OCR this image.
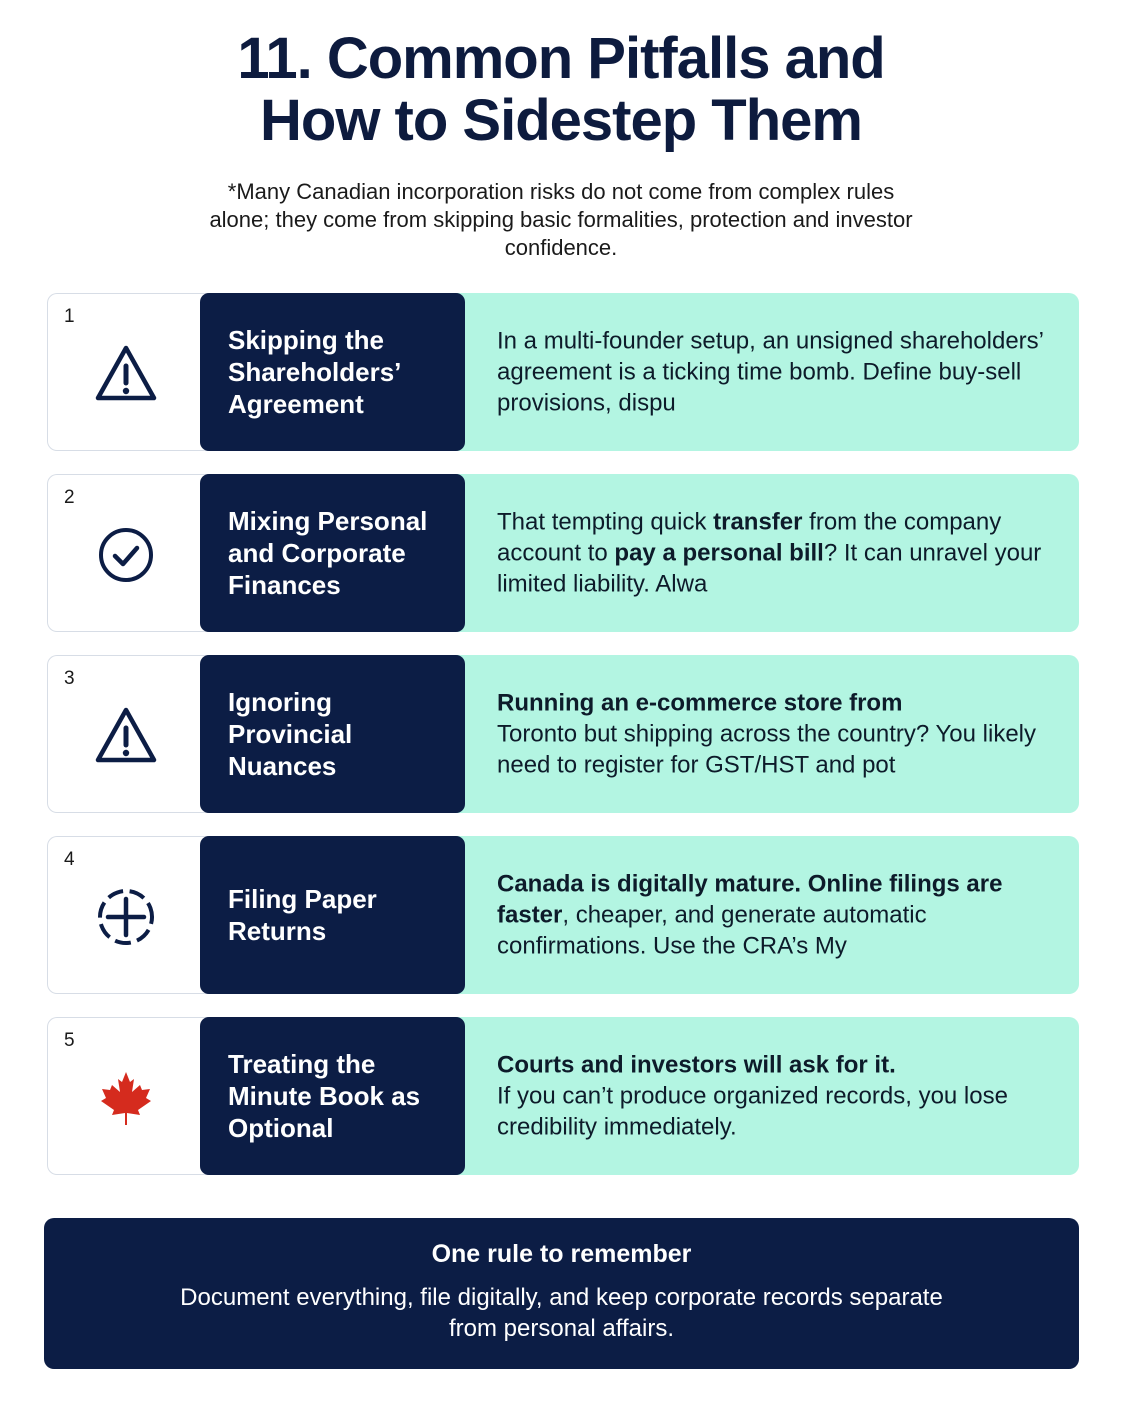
11. Common Pitfalls and
How to Sidestep Them
*Many Canadian incorporation risks do not come from complex rules alone; they come from skipping basic formalities, protection and investor confidence.
1
Skipping the Shareholders’ Agreement
In a multi-founder setup, an unsigned shareholders’ agreement is a ticking time bomb. Define buy-sell provisions, dispu
2
Mixing Personal and Corporate Finances
That tempting quick transfer from the company account to pay a personal bill? It can unravel your limited liability. Alwa
3
Ignoring Provincial Nuances
Running an e-commerce store from
Toronto but shipping across the country? You likely need to register for GST/HST and pot
4
Filing Paper Returns
Canada is digitally mature. Online filings are faster, cheaper, and generate automatic confirmations. Use the CRA’s My
5
Treating the Minute Book as Optional
Courts and investors will ask for it.
If you can’t produce organized records, you lose credibility immediately.
One rule to remember
Document everything, file digitally, and keep corporate records separate from personal affairs.
